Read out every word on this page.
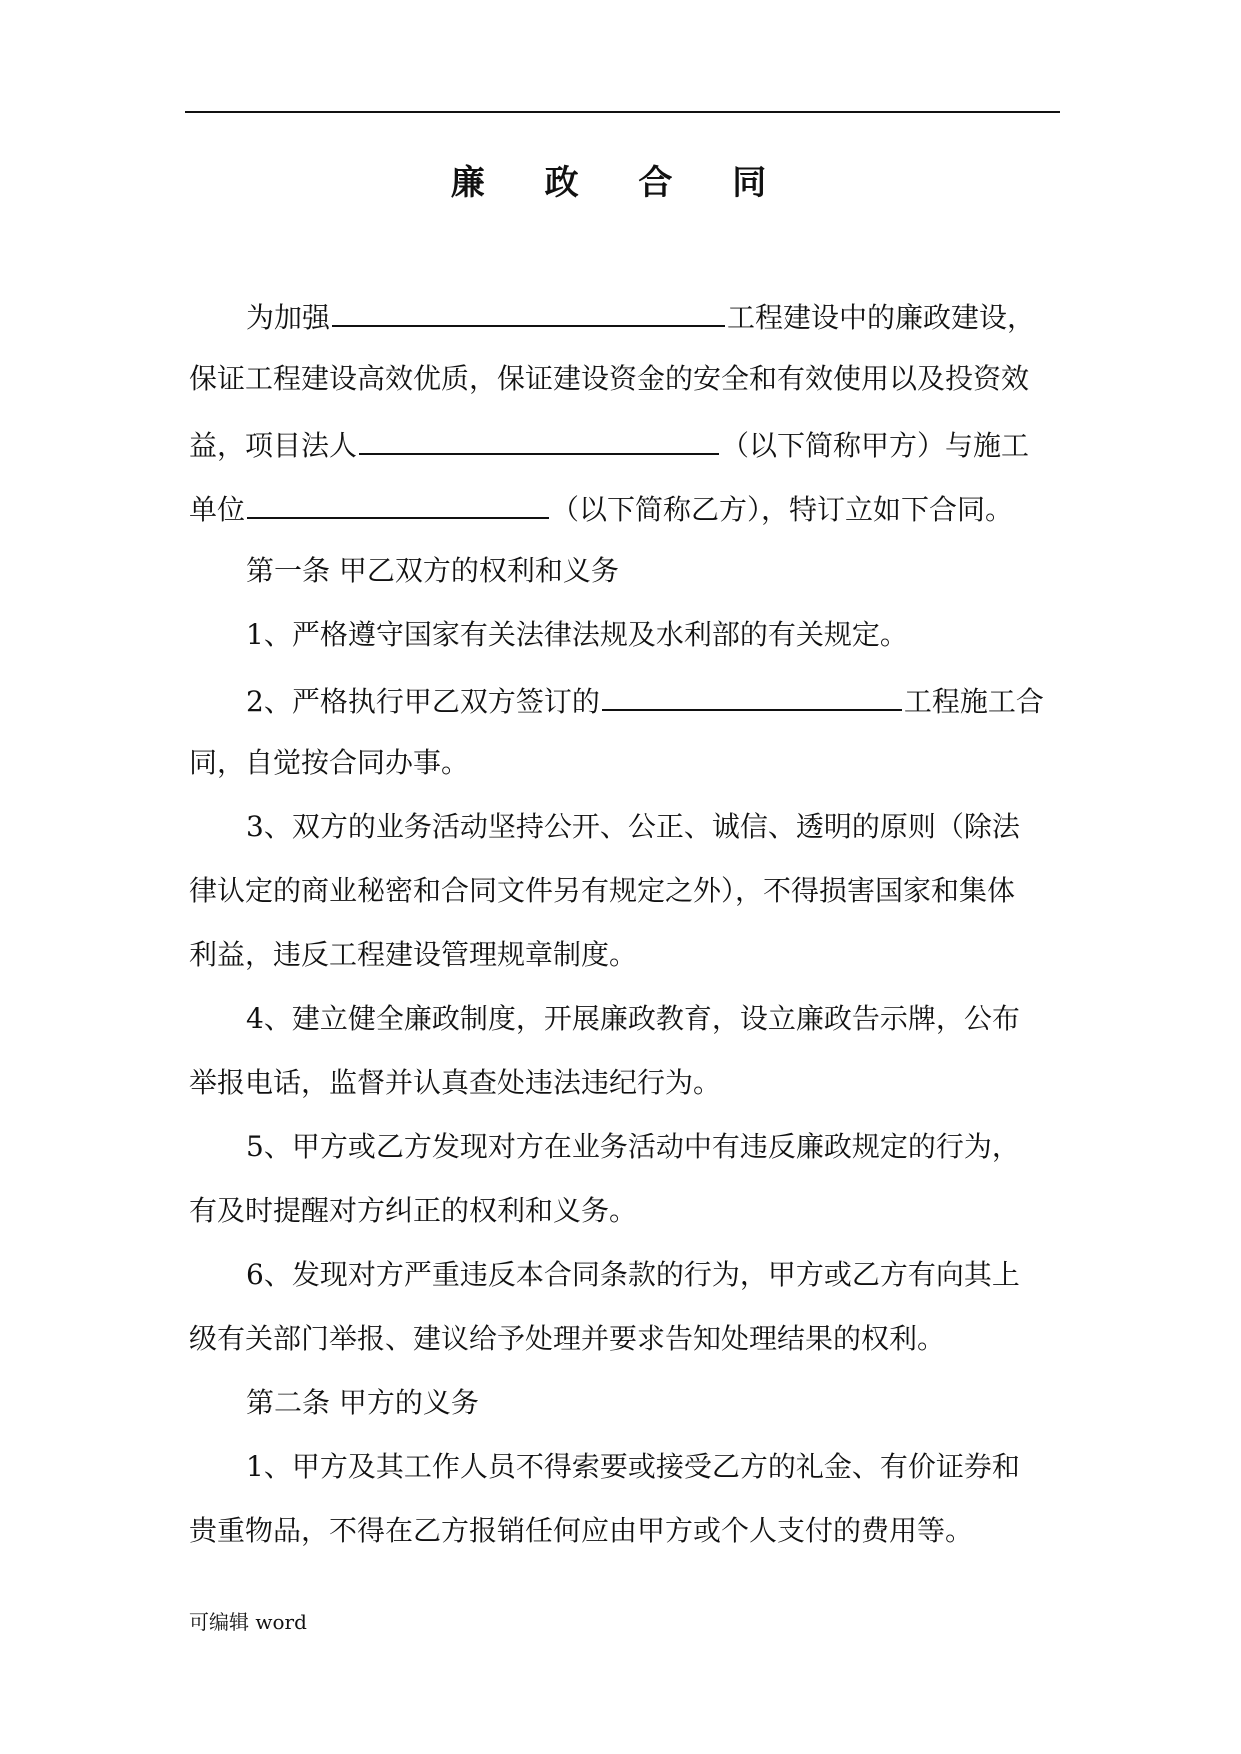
廉 政 合 同
为加强	工程建设中的廉政建设，
保证工程建设高效优质，保证建设资金的安全和有效使用以及投资效
益，项目法人	（以下简称甲方）与施工
单位	（以下简称乙方），特订立如下合同。
第一条 甲乙双方的权利和义务
1、严格遵守国家有关法律法规及水利部的有关规定。
2、严格执行甲乙双方签订的	工程施工合
同，自觉按合同办事。
3、双方的业务活动坚持公开、公正、诚信、透明的原则（除法
律认定的商业秘密和合同文件另有规定之外），不得损害国家和集体
利益，违反工程建设管理规章制度。
4、建立健全廉政制度，开展廉政教育，设立廉政告示牌，公布
举报电话，监督并认真查处违法违纪行为。
5、甲方或乙方发现对方在业务活动中有违反廉政规定的行为，
有及时提醒对方纠正的权利和义务。
6、发现对方严重违反本合同条款的行为，甲方或乙方有向其上
级有关部门举报、建议给予处理并要求告知处理结果的权利。
第二条 甲方的义务
1、甲方及其工作人员不得索要或接受乙方的礼金、有价证券和
贵重物品，不得在乙方报销任何应由甲方或个人支付的费用等。
可编辑 word
